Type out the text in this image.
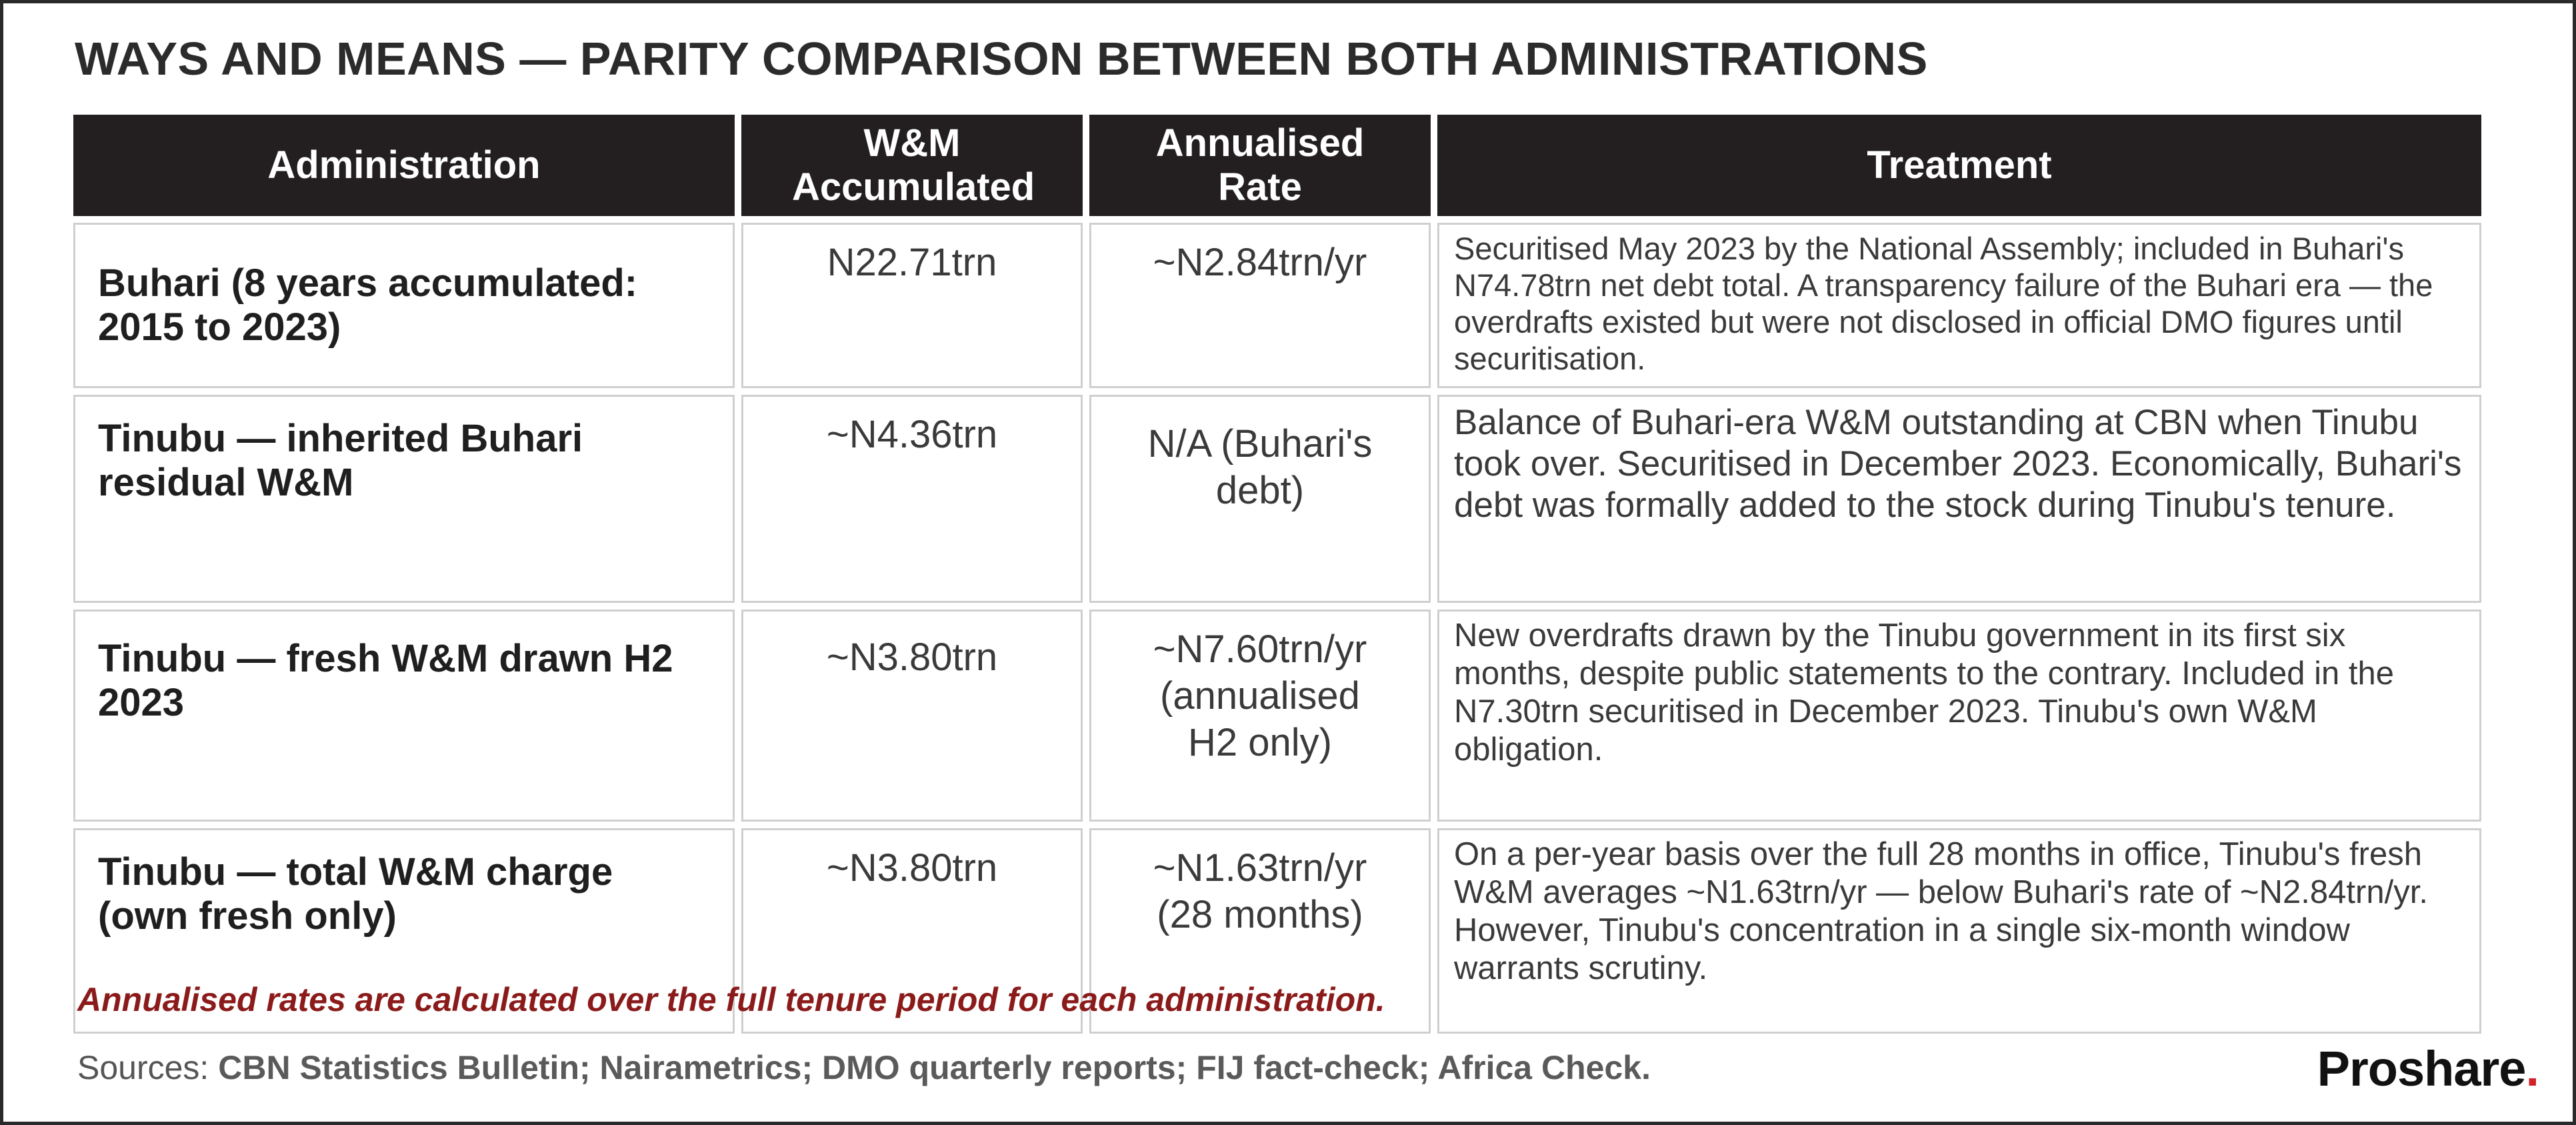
WAYS AND MEANS — PARITY COMPARISON BETWEEN BOTH ADMINISTRATIONS
Administration	W&M Accumulated	Annualised Rate	Treatment

Buhari (8 years accumulated: 2015 to 2023)	N22.71trn	~N2.84trn/yr	Securitised May 2023 by the National Assembly; included in Buhari's N74.78trn net debt total. A transparency failure of the Buhari era — the overdrafts existed but were not disclosed in official DMO figures until securitisation.

Tinubu — inherited Buhari residual W&M	~N4.36trn	N/A (Buhari's debt)	Balance of Buhari-era W&M outstanding at CBN when Tinubu took over. Securitised in December 2023. Economically, Buhari's debt was formally added to the stock during Tinubu's tenure.

Tinubu — fresh W&M drawn H2 2023	~N3.80trn	~N7.60trn/yr (annualised H2 only)	New overdrafts drawn by the Tinubu government in its first six months, despite public statements to the contrary. Included in the N7.30trn securitised in December 2023. Tinubu's own W&M obligation.

Tinubu — total W&M charge (own fresh only)	~N3.80trn	~N1.63trn/yr (28 months)	On a per-year basis over the full 28 months in office, Tinubu's fresh W&M averages ~N1.63trn/yr — below Buhari's rate of ~N2.84trn/yr. However, Tinubu's concentration in a single six-month window warrants scrutiny.
Annualised rates are calculated over the full tenure period for each administration.
Sources: CBN Statistics Bulletin; Nairametrics; DMO quarterly reports; FIJ fact-check; Africa Check.	Proshare.
